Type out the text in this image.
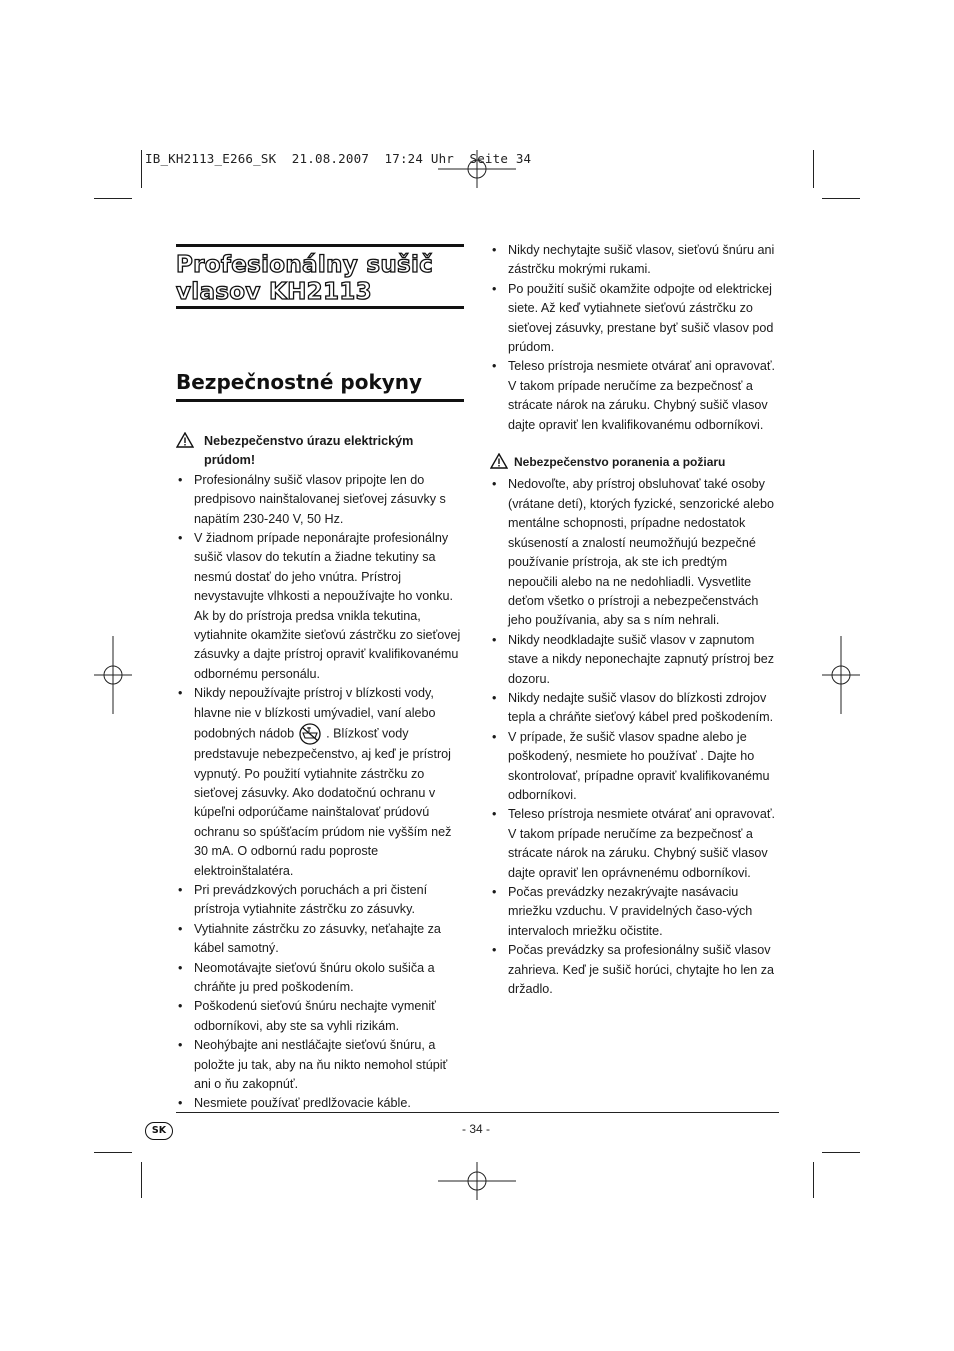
IB_KH2113_E266_SK  21.08.2007  17:24 Uhr  Seite 34
Profesionálny sušič vlasov KH2113
Bezpečnostné pokyny
Nebezpečenstvo úrazu elektrickým prúdom!
• Profesionálny sušič vlasov pripojte len do predpisovo nainštalovanej sieťovej zásuvky s napätím 230-240 V, 50 Hz.
• V žiadnom prípade neponárajte profesionálny sušič vlasov do tekutín a žiadne tekutiny sa nesmú dostať do jeho vnútra. Prístroj nevystavujte vlhkosti a nepoužívajte ho vonku. Ak by do prístroja predsa vnikla tekutina, vytiahnite okamžite sieťovú zástrčku zo sieťovej zásuvky a dajte prístroj opraviť kvalifikovanému odbornému personálu.
• Nikdy nepoužívajte prístroj v blízkosti vody, hlavne nie v blízkosti umývadiel, vaní alebo podobných nádob	. Blízkosť vody predstavuje nebezpečenstvo, aj keď je prístroj vypnutý. Po použití vytiahnite zástrčku zo sieťovej zásuvky. Ako dodatočnú ochranu v kúpeľni odporúčame nainštalovať prúdovú ochranu so spúšťacím prúdom nie vyšším než 30 mA. O odbornú radu poproste elektroinštalatéra.
• Pri prevádzkových poruchách a pri čistení prístroja vytiahnite zástrčku zo zásuvky.
• Vytiahnite zástrčku zo zásuvky, neťahajte za kábel samotný.
• Neomotávajte sieťovú šnúru okolo sušiča a chráňte ju pred poškodením.
• Poškodenú sieťovú šnúru nechajte vymeniť odborníkovi, aby ste sa vyhli rizikám.
• Neohýbajte ani nestláčajte sieťovú šnúru, a položte ju tak, aby na ňu nikto nemohol stúpiť ani o ňu zakopnúť.
• Nesmiete používať predlžovacie káble.
• Nikdy nechytajte sušič vlasov, sieťovú šnúru ani zástrčku mokrými rukami.
• Po použití sušič okamžite odpojte od elektrickej siete. Až keď vytiahnete sieťovú zástrčku zo sieťovej zásuvky, prestane byť sušič vlasov pod prúdom.
• Teleso prístroja nesmiete otvárať ani opravovať. V takom prípade neručíme za bezpečnosť a strácate nárok na záruku. Chybný sušič vlasov dajte opraviť len kvalifikovanému odborníkovi.
Nebezpečenstvo poranenia a požiaru
• Nedovoľte, aby prístroj obsluhovať také osoby (vrátane detí), ktorých fyzické, senzorické alebo mentálne schopnosti, prípadne nedostatok skúseností a znalostí neumožňujú bezpečné používanie prístroja, ak ste ich predtým nepoučili alebo na ne nedohliadli. Vysvetlite deťom všetko o prístroji a nebezpečenstvách jeho používania, aby sa s ním nehrali.
• Nikdy neodkladajte sušič vlasov v zapnutom stave a nikdy neponechajte zapnutý prístroj bez dozoru.
• Nikdy nedajte sušič vlasov do blízkosti zdrojov tepla a chráňte sieťový kábel pred poškodením.
• V prípade, že sušič vlasov spadne alebo je poškodený, nesmiete ho používať . Dajte ho skontrolovať, prípadne opraviť kvalifikovanému odborníkovi.
• Teleso prístroja nesmiete otvárať ani opravovať. V takom prípade neručíme za bezpečnosť a strácate nárok na záruku. Chybný sušič vlasov dajte opraviť len oprávnenému odborníkovi.
• Počas prevádzky nezakrývajte nasávaciu mriežku vzduchu. V pravidelných časo-vých intervaloch mriežku očistite.
• Počas prevádzky sa profesionálny sušič vlasov zahrieva. Keď je sušič horúci, chytajte ho len za držadlo.
SK	- 34 -
